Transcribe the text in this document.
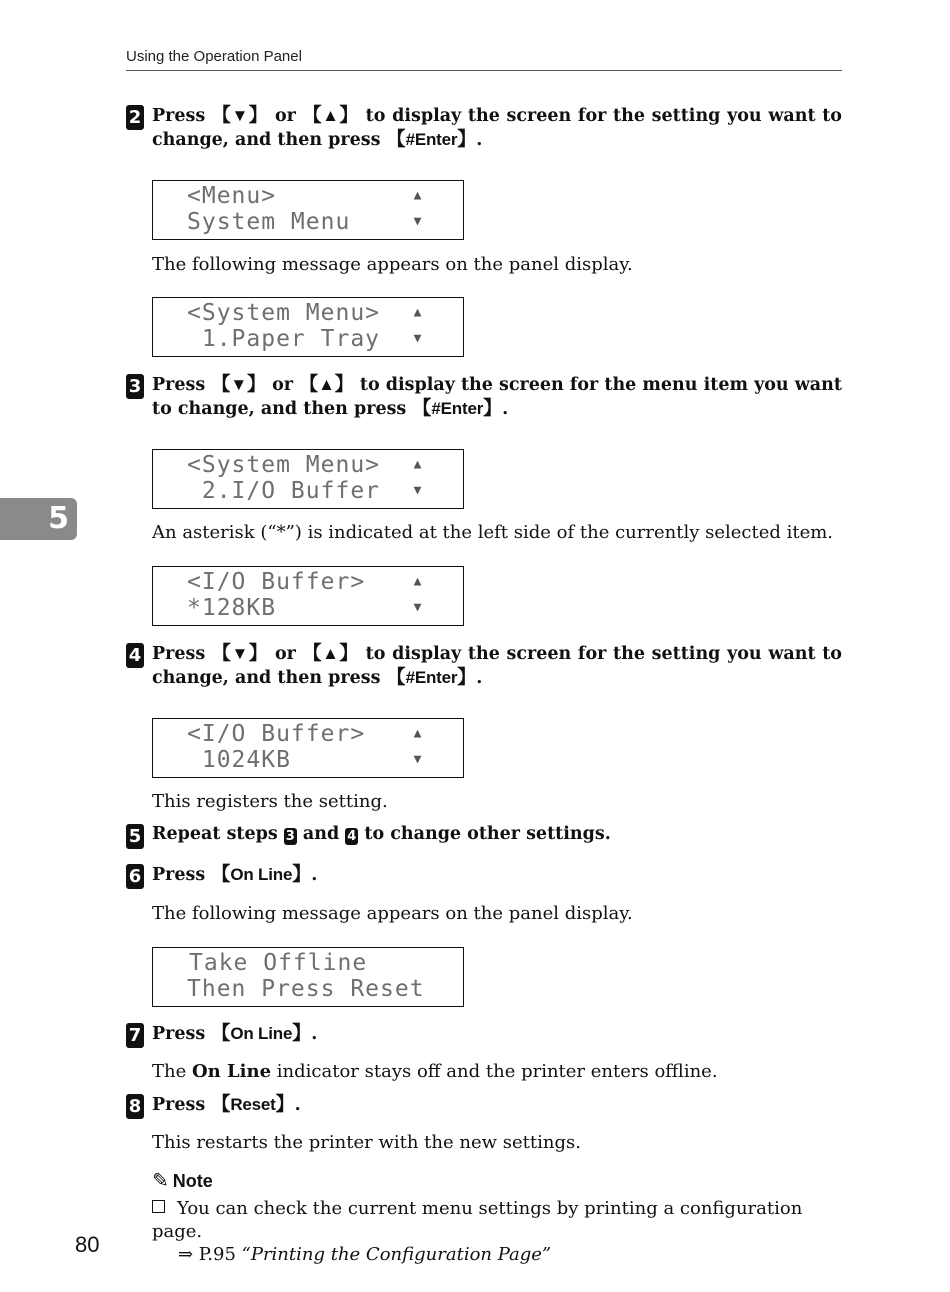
Using the Operation Panel
5
2 Press 【▼】 or 【▲】 to display the screen for the setting you want to change, and then press 【#Enter】.
<Menu>
System Menu
▲
▼
The following message appears on the panel display.
<System Menu>
1.Paper Tray
▲
▼
3 Press 【▼】 or 【▲】 to display the screen for the menu item you want to change, and then press 【#Enter】.
<System Menu>
2.I/O Buffer
▲
▼
An asterisk (“*”) is indicated at the left side of the currently selected item.
<I/O Buffer>
*128KB
▲
▼
4 Press 【▼】 or 【▲】 to display the screen for the setting you want to change, and then press 【#Enter】.
<I/O Buffer>
1024KB
▲
▼
This registers the setting.
5 Repeat steps 3 and 4 to change other settings.
6 Press 【On Line】.
The following message appears on the panel display.
Take Offline
Then Press Reset
7 Press 【On Line】.
The On Line indicator stays off and the printer enters offline.
8 Press 【Reset】.
This restarts the printer with the new settings.
✎ Note
You can check the current menu settings by printing a configuration page.
⇒ P.95 “Printing the Configuration Page”
80
